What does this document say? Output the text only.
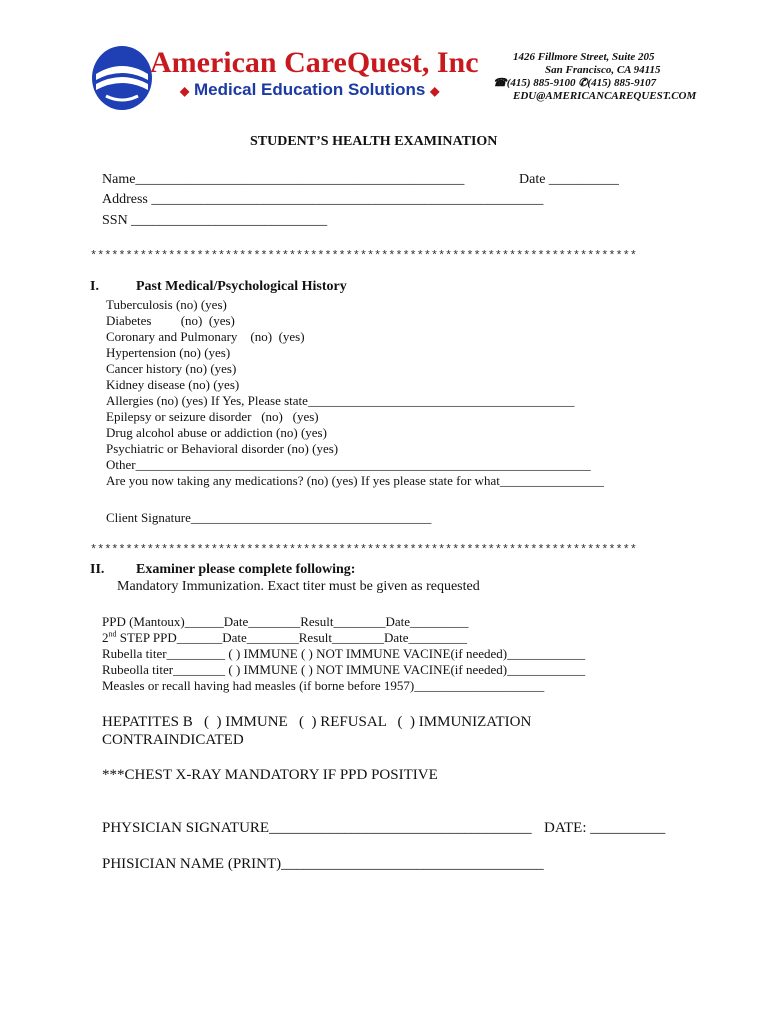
American CareQuest, Inc
◆ Medical Education Solutions ◆
1426 Fillmore Street, Suite 205
San Francisco, CA 94115
☎(415) 885-9100 ✆(415) 885-9107
EDU@AMERICANCAREQUEST.COM
STUDENT’S HEALTH EXAMINATION
Name_______________________________________________	Date __________
Address ________________________________________________________
SSN ____________________________
*****************************************************************************
I.	Past Medical/Psychological History
Tuberculosis (no) (yes)
Diabetes         (no)  (yes)
Coronary and Pulmonary    (no)  (yes)
Hypertension (no) (yes)
Cancer history (no) (yes)
Kidney disease (no) (yes)
Allergies (no) (yes) If Yes, Please state_________________________________________
Epilepsy or seizure disorder   (no)   (yes)
Drug alcohol abuse or addiction (no) (yes)
Psychiatric or Behavioral disorder (no) (yes)
Other______________________________________________________________________
Are you now taking any medications? (no) (yes) If yes please state for what________________
Client Signature_____________________________________
*****************************************************************************
II. Examiner please complete following:
Mandatory Immunization. Exact titer must be given as requested
PPD (Mantoux)______Date________Result________Date_________
2nd STEP PPD_______Date________Result________Date_________
Rubella titer_________ ( ) IMMUNE ( ) NOT IMMUNE VACINE(if needed)____________
Rubeolla titer________ ( ) IMMUNE ( ) NOT IMMUNE VACINE(if needed)____________
Measles or recall having had measles (if borne before 1957)____________________
HEPATITES B   (  ) IMMUNE   (  ) REFUSAL   (  ) IMMUNIZATION
CONTRAINDICATED
***CHEST X-RAY MANDATORY IF PPD POSITIVE
PHYSICIAN SIGNATURE___________________________________ DATE: __________
PHISICIAN NAME (PRINT)___________________________________
